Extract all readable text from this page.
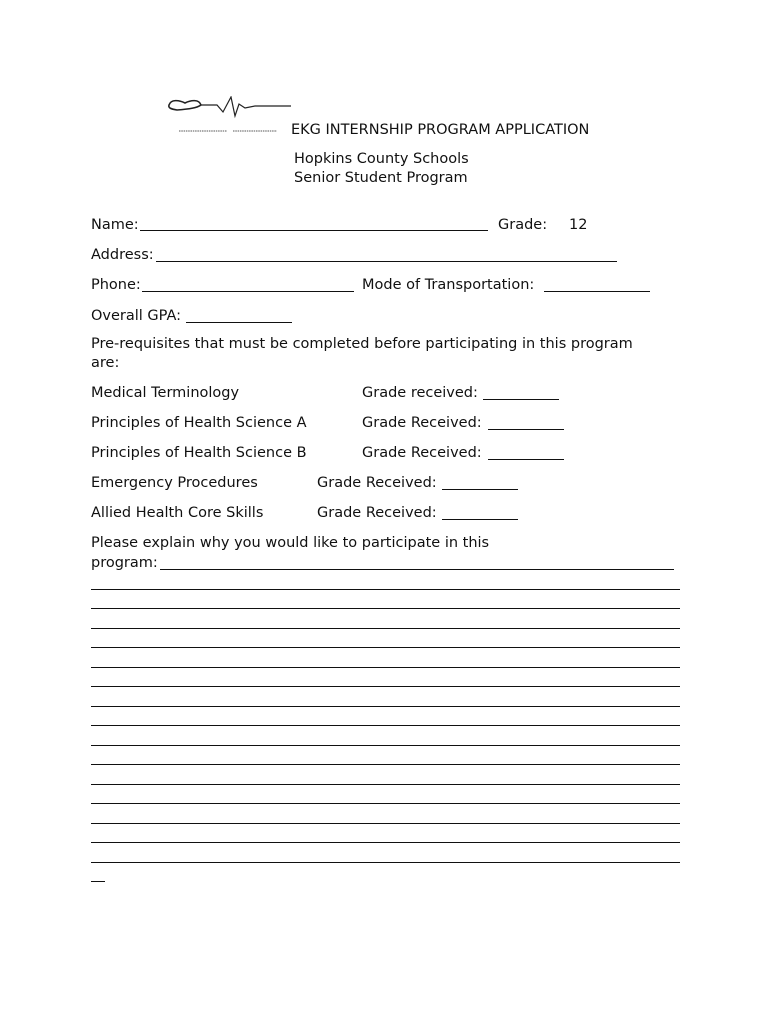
EKG INTERNSHIP PROGRAM APPLICATION
Hopkins County Schools
Senior Student Program
Name:	Grade: 12
Address:
Phone:	Mode of Transportation:
Overall GPA:
Pre-requisites that must be completed before participating in this program
are:
Medical Terminology	Grade received:
Principles of Health Science A	Grade Received:
Principles of Health Science B	Grade Received:
Emergency Procedures	Grade Received:
Allied Health Core Skills	Grade Received:
Please explain why you would like to participate in this
program:
